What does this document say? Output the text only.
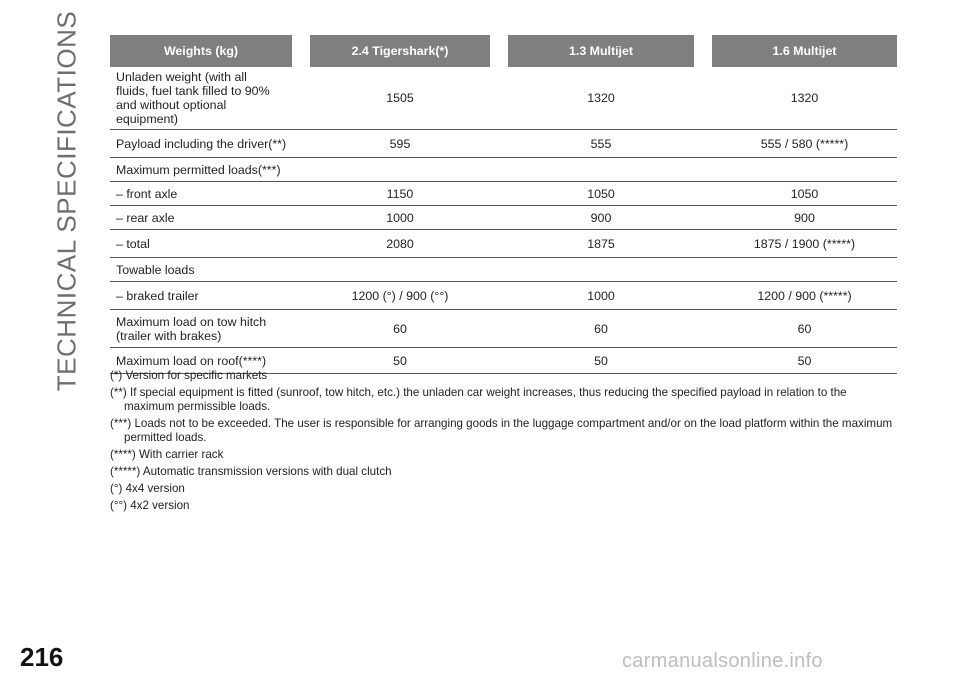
TECHNICAL SPECIFICATIONS	Weights (kg)		2.4 Tigershark(*)		1.3 Multijet		1.6 Multijet
Unladen weight (with all fluids, fuel tank filled to 90% and without optional equipment)		1505		1320		1320
Payload including the driver(**)		595		555		555 / 580 (*****)
Maximum permitted loads(***)						
– front axle		1150		1050		1050
– rear axle		1000		900		900
– total		2080		1875		1875 / 1900 (*****)
Towable loads						
– braked trailer		1200 (°) / 900 (°°)		1000		1200 / 900 (*****)
Maximum load on tow hitch (trailer with brakes)		60		60		60
Maximum load on roof(****)		50		50		50
(*) Version for specific markets
(**) If special equipment is fitted (sunroof, tow hitch, etc.) the unladen car weight increases, thus reducing the specified payload in relation to the maximum permissible loads.
(***) Loads not to be exceeded. The user is responsible for arranging goods in the luggage compartment and/or on the load platform within the maximum permitted loads.
(****) With carrier rack
(*****) Automatic transmission versions with dual clutch
(°) 4x4 version
(°°) 4x2 version
216	carmanualsonline.info
